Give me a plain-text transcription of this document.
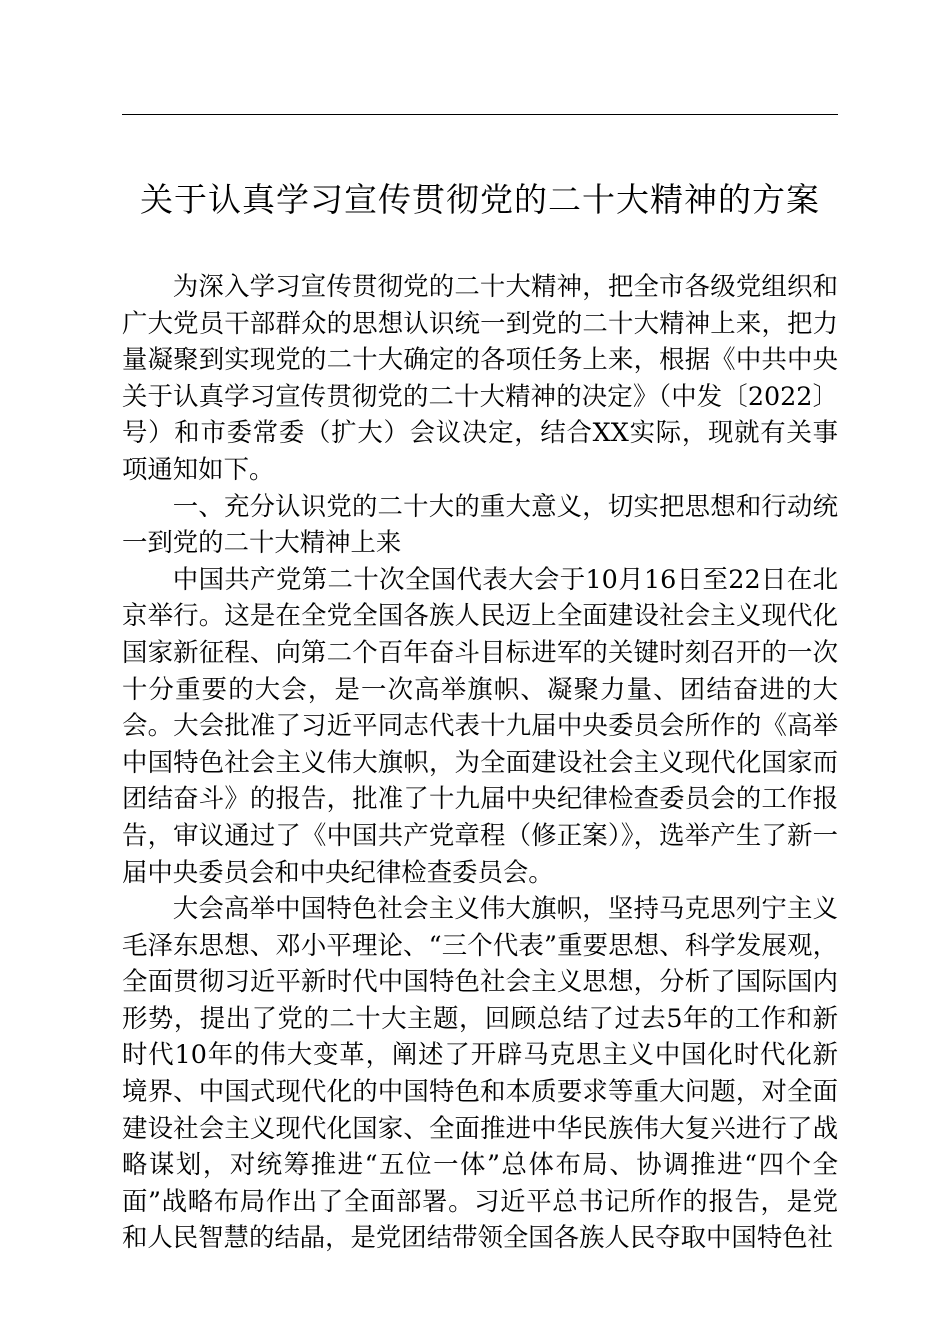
关于认真学习宣传贯彻党的二十大精神的方案

为深入学习宣传贯彻党的二十大精神，把全市各级党组织和广大党员干部群众的思想认识统一到党的二十大精神上来，把力量凝聚到实现党的二十大确定的各项任务上来，根据《中共中央关于认真学习宣传贯彻党的二十大精神的决定》（中发〔2022〕号）和市委常委（扩大）会议决定，结合XX实际，现就有关事项通知如下。

一、充分认识党的二十大的重大意义，切实把思想和行动统一到党的二十大精神上来

中国共产党第二十次全国代表大会于10月16日至22日在北京举行。这是在全党全国各族人民迈上全面建设社会主义现代化国家新征程、向第二个百年奋斗目标进军的关键时刻召开的一次十分重要的大会，是一次高举旗帜、凝聚力量、团结奋进的大会。大会批准了习近平同志代表十九届中央委员会所作的《高举中国特色社会主义伟大旗帜，为全面建设社会主义现代化国家而团结奋斗》的报告，批准了十九届中央纪律检查委员会的工作报告，审议通过了《中国共产党章程（修正案）》，选举产生了新一届中央委员会和中央纪律检查委员会。

大会高举中国特色社会主义伟大旗帜，坚持马克思列宁主义毛泽东思想、邓小平理论、“三个代表”重要思想、科学发展观，全面贯彻习近平新时代中国特色社会主义思想，分析了国际国内形势，提出了党的二十大主题，回顾总结了过去5年的工作和新时代10年的伟大变革，阐述了开辟马克思主义中国化时代化新境界、中国式现代化的中国特色和本质要求等重大问题，对全面建设社会主义现代化国家、全面推进中华民族伟大复兴进行了战略谋划，对统筹推进“五位一体”总体布局、协调推进“四个全面”战略布局作出了全面部署。习近平总书记所作的报告，是党和人民智慧的结晶，是党团结带领全国各族人民夺取中国特色社
